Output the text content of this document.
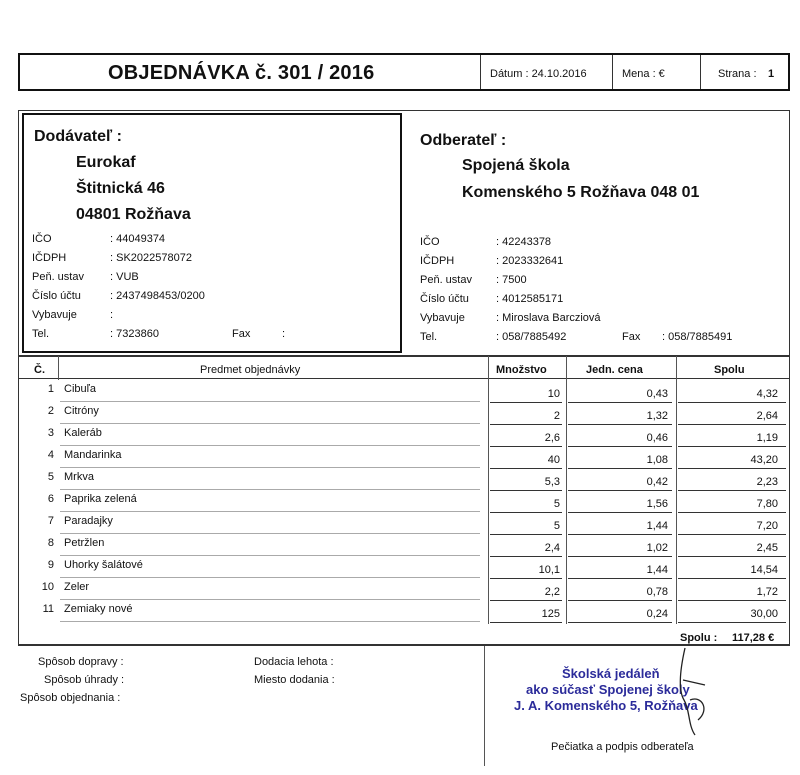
OBJEDNÁVKA č. 301 / 2016	Dátum : 24.10.2016	Mena : €	Strana : 1
Dodávateľ :
Eurokaf
Štitnická 46
04801 Rožňava
IČO	: 44049374
IČDPH	: SK2022578072
Peň. ustav : VUB
Číslo účtu	: 2437498453/0200
Vybavuje	:
Tel.	: 7323860	Fax	:
Odberateľ :
Spojená škola
Komenského 5 Rožňava 048 01
IČO	: 42243378
IČDPH	: 2023332641
Peň. ustav : 7500
Číslo účtu : 4012585171
Vybavuje	: Miroslava Barcziová
Tel.	: 058/7885492	Fax : 058/7885491
Č.	Predmet objednávky	Množstvo	Jedn. cena	Spolu
1 Cibuľa	10	0,43	4,32
2 Citróny	2	1,32	2,64
3 Kaleráb	2,6	0,46	1,19
4 Mandarinka	40	1,08	43,20
5 Mrkva	5,3	0,42	2,23
6 Paprika zelená	5	1,56	7,80
7 Paradajky	5	1,44	7,20
8 Petržlen	2,4	1,02	2,45
9 Uhorky šalátové	10,1	1,44	14,54
10 Zeler	2,2	0,78	1,72
11 Zemiaky nové	125	0,24	30,00
Spolu : 117,28 €
Spôsob dopravy :
Spôsob úhrady :
Spôsob objednania :
Dodacia lehota :
Miesto dodania :	Školská jedáleň
ako súčasť Spojenej školy
J. A. Komenského 5, Rožňava
Pečiatka a podpis odberateľa
